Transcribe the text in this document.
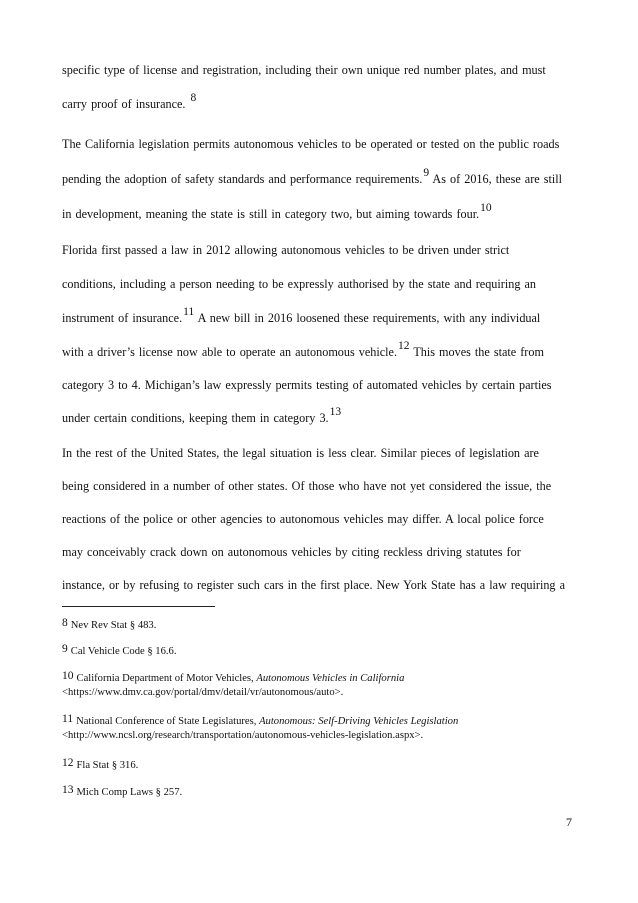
specific type of license and registration, including their own unique red number plates, and must
carry proof of insurance. 8
The California legislation permits autonomous vehicles to be operated or tested on the public roads
pending the adoption of safety standards and performance requirements.9 As of 2016, these are still
in development, meaning the state is still in category two, but aiming towards four.10
Florida first passed a law in 2012 allowing autonomous vehicles to be driven under strict
conditions, including a person needing to be expressly authorised by the state and requiring an
instrument of insurance.11 A new bill in 2016 loosened these requirements, with any individual
with a driver’s license now able to operate an autonomous vehicle.12 This moves the state from
category 3 to 4. Michigan’s law expressly permits testing of automated vehicles by certain parties
under certain conditions, keeping them in category 3.13
In the rest of the United States, the legal situation is less clear. Similar pieces of legislation are
being considered in a number of other states. Of those who have not yet considered the issue, the
reactions of the police or other agencies to autonomous vehicles may differ. A local police force
may conceivably crack down on autonomous vehicles by citing reckless driving statutes for
instance, or by refusing to register such cars in the first place. New York State has a law requiring a
8 Nev Rev Stat § 483.
9 Cal Vehicle Code § 16.6.
10 California Department of Motor Vehicles, Autonomous Vehicles in California
<https://www.dmv.ca.gov/portal/dmv/detail/vr/autonomous/auto>.
11 National Conference of State Legislatures, Autonomous: Self-Driving Vehicles Legislation
<http://www.ncsl.org/research/transportation/autonomous-vehicles-legislation.aspx>.
12 Fla Stat § 316.
13 Mich Comp Laws § 257.
7
